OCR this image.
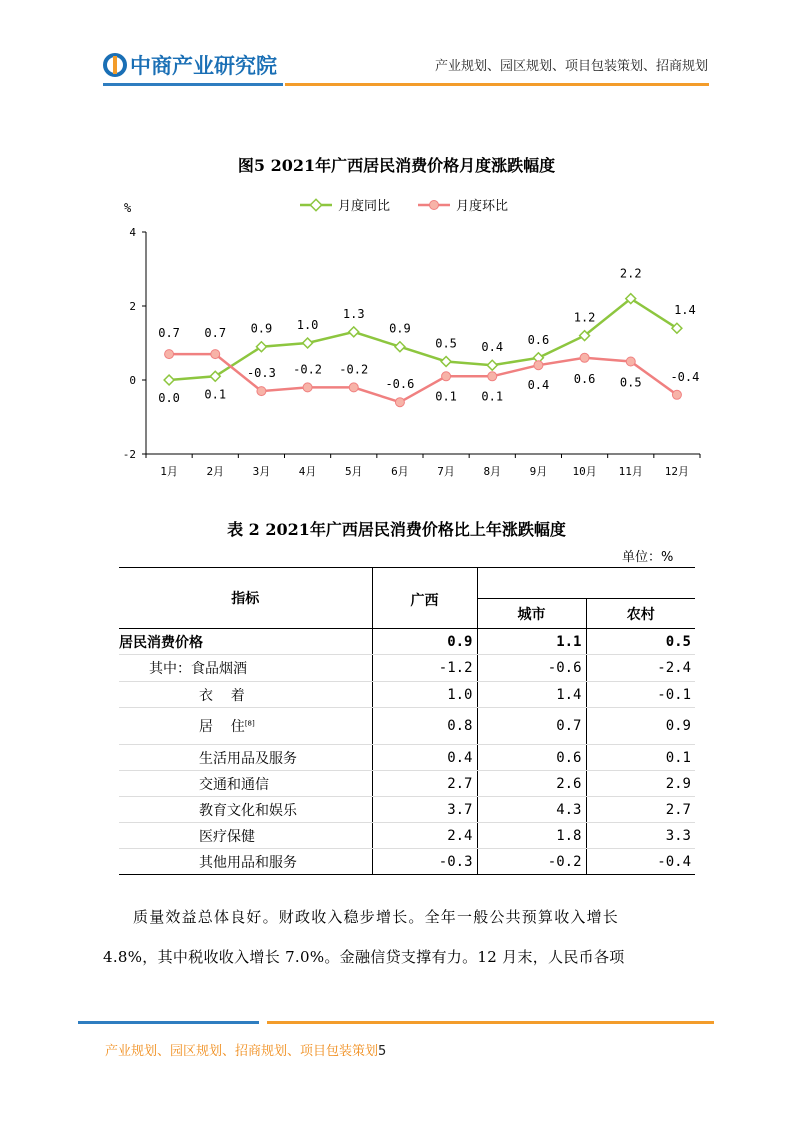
中商产业研究院	产业规划、园区规划、项目包装策划、招商规划
图5 2021年广西居民消费价格月度涨跌幅度
%
4
2
0
-2
1月	2月	3月	4月	5月	6月	7月	8月	9月 10月 11月 12月
月度同比	月度环比
0.0 0.1
0.9 1.0
1.3
0.9
0.5 0.4
0.6
1.2
2.2
1.4
0.7 0.7
-0.3 -0.2 -0.2
-0.6
0.1 0.1
0.4 0.6 0.5 -0.4
表 2 2021年广西居民消费价格比上年涨跌幅度
单位：%
指标	广西		
		城市	农村
居民消费价格	0.9	1.1	0.5
其中：食品烟酒	-1.2	-0.6	-2.4
衣    着	1.0	1.4	-0.1
居    住[8]	0.8	0.7	0.9
生活用品及服务	0.4	0.6	0.1
交通和通信	2.7	2.6	2.9
教育文化和娱乐	3.7	4.3	2.7
医疗保健	2.4	1.8	3.3
其他用品和服务	-0.3	-0.2	-0.4
质量效益总体良好。财政收入稳步增长。全年一般公共预算收入增长
4.8%，其中税收收入增长 7.0%。金融信贷支撑有力。12 月末，人民币各项
产业规划、园区规划、招商规划、项目包装策划5
